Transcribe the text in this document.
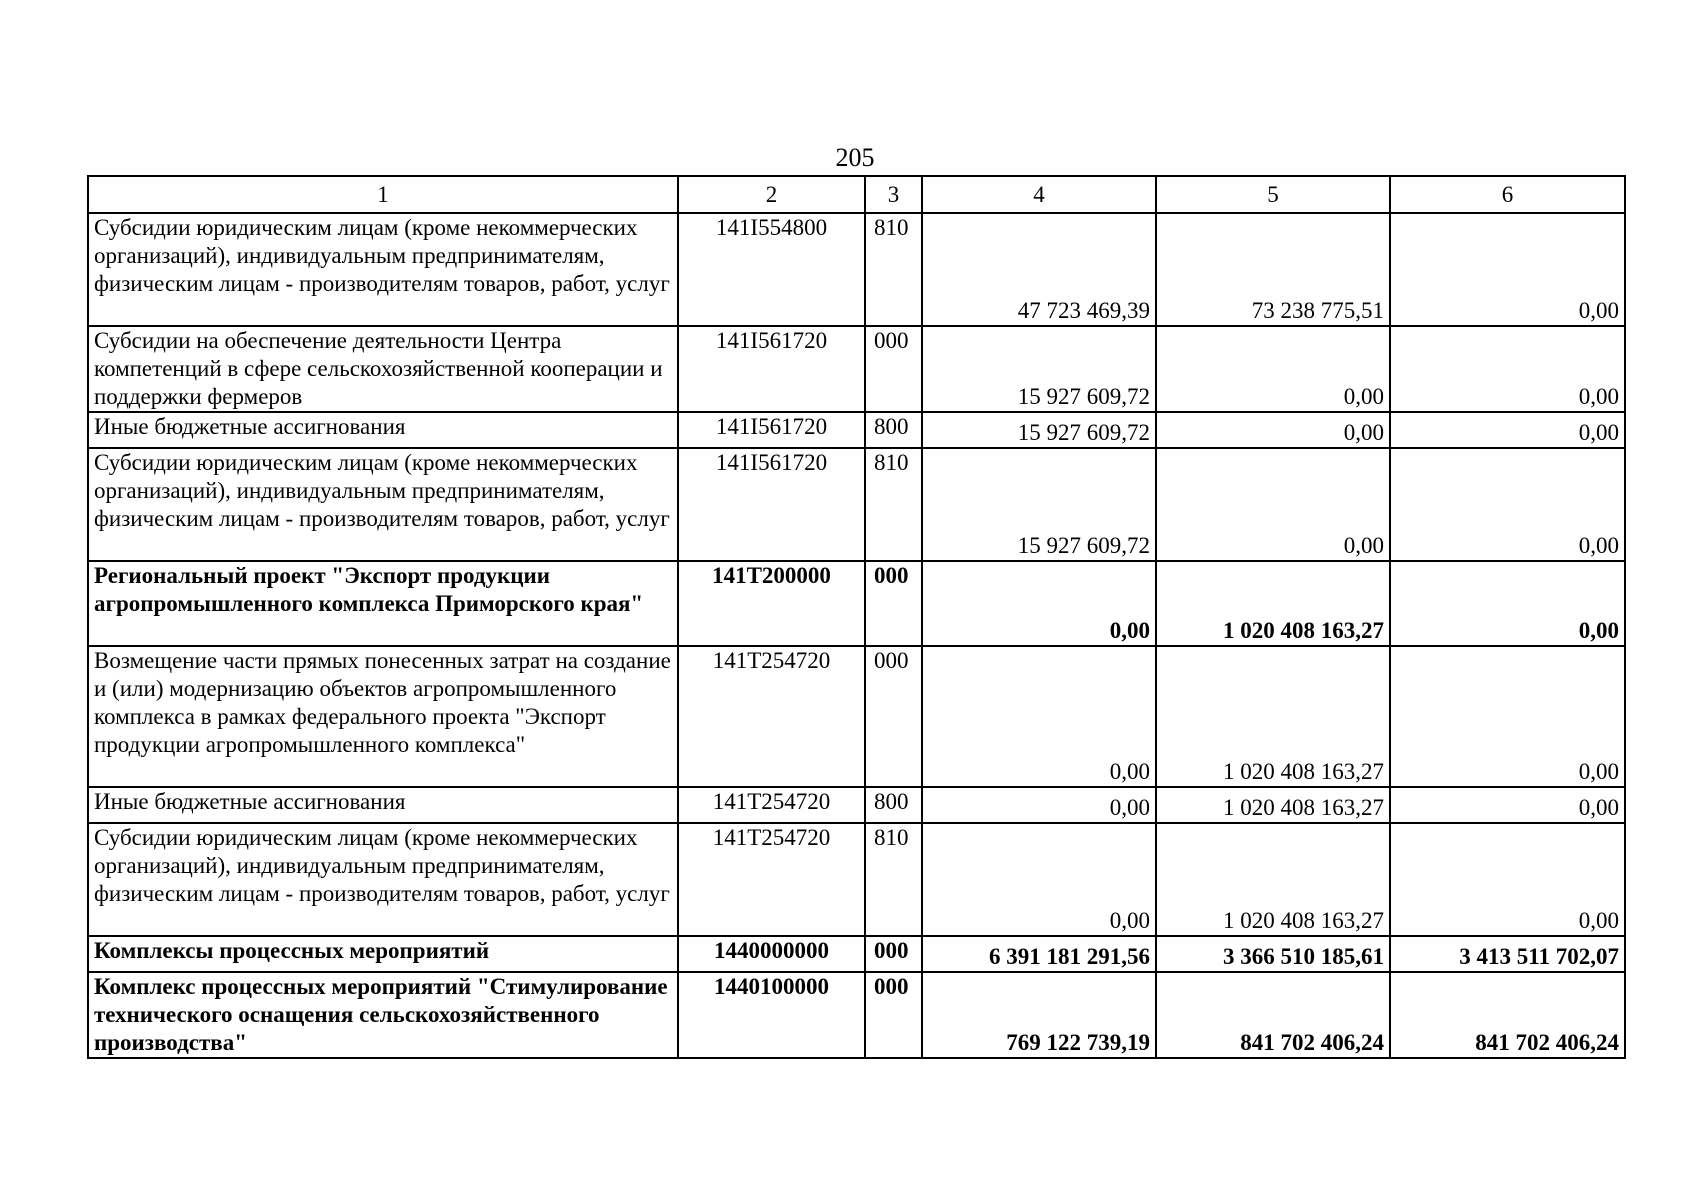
205
1	2	3	4	5	6
Субсидии юридическим лицам (кроме некоммерческих организаций), индивидуальным предпринимателям, физическим лицам - производителям товаров, работ, услуг	141I554800	810	47 723 469,39	73 238 775,51	0,00
Субсидии на обеспечение деятельности Центра компетенций в сфере сельскохозяйственной кооперации и поддержки фермеров	141I561720	000	15 927 609,72	0,00	0,00
Иные бюджетные ассигнования	141I561720	800	15 927 609,72	0,00	0,00
Субсидии юридическим лицам (кроме некоммерческих организаций), индивидуальным предпринимателям, физическим лицам - производителям товаров, работ, услуг	141I561720	810	15 927 609,72	0,00	0,00
Региональный проект "Экспорт продукции агропромышленного комплекса Приморского края"	141T200000	000	0,00	1 020 408 163,27	0,00
Возмещение части прямых понесенных затрат на создание и (или) модернизацию объектов агропромышленного комплекса в рамках федерального проекта "Экспорт продукции агропромышленного комплекса"	141T254720	000	0,00	1 020 408 163,27	0,00
Иные бюджетные ассигнования	141T254720	800	0,00	1 020 408 163,27	0,00
Субсидии юридическим лицам (кроме некоммерческих организаций), индивидуальным предпринимателям, физическим лицам - производителям товаров, работ, услуг	141T254720	810	0,00	1 020 408 163,27	0,00
Комплексы процессных мероприятий	1440000000	000	6 391 181 291,56	3 366 510 185,61	3 413 511 702,07
Комплекс процессных мероприятий "Стимулирование технического оснащения сельскохозяйственного производства"	1440100000	000	769 122 739,19	841 702 406,24	841 702 406,24
